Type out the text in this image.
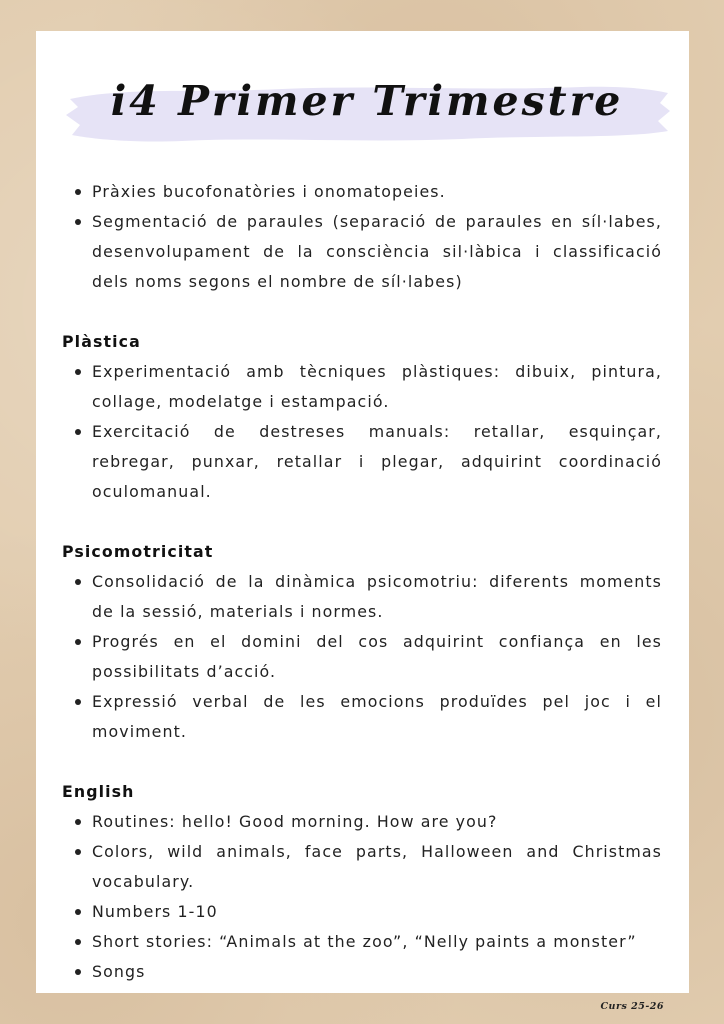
i4 Primer Trimestre
Pràxies bucofonatòries i onomatopeies.
Segmentació de paraules (separació de paraules en síl·labes, desenvolupament de la consciència sil·làbica i classificació dels noms segons el nombre de síl·labes)
Plàstica
Experimentació amb tècniques plàstiques: dibuix, pintura, collage, modelatge i estampació.
Exercitació de destreses manuals: retallar, esquinçar, rebregar, punxar, retallar i plegar, adquirint coordinació oculomanual.
Psicomotricitat
Consolidació de la dinàmica psicomotriu: diferents moments de la sessió, materials i normes.
Progrés en el domini del cos adquirint confiança en les possibilitats d’acció.
Expressió verbal de les emocions produïdes pel joc i el moviment.
English
Routines: hello! Good morning. How are you?
Colors, wild animals, face parts, Halloween and Christmas vocabulary.
Numbers 1-10
Short stories: “Animals at the zoo”, “Nelly paints a monster”
Songs
Curs 25-26
